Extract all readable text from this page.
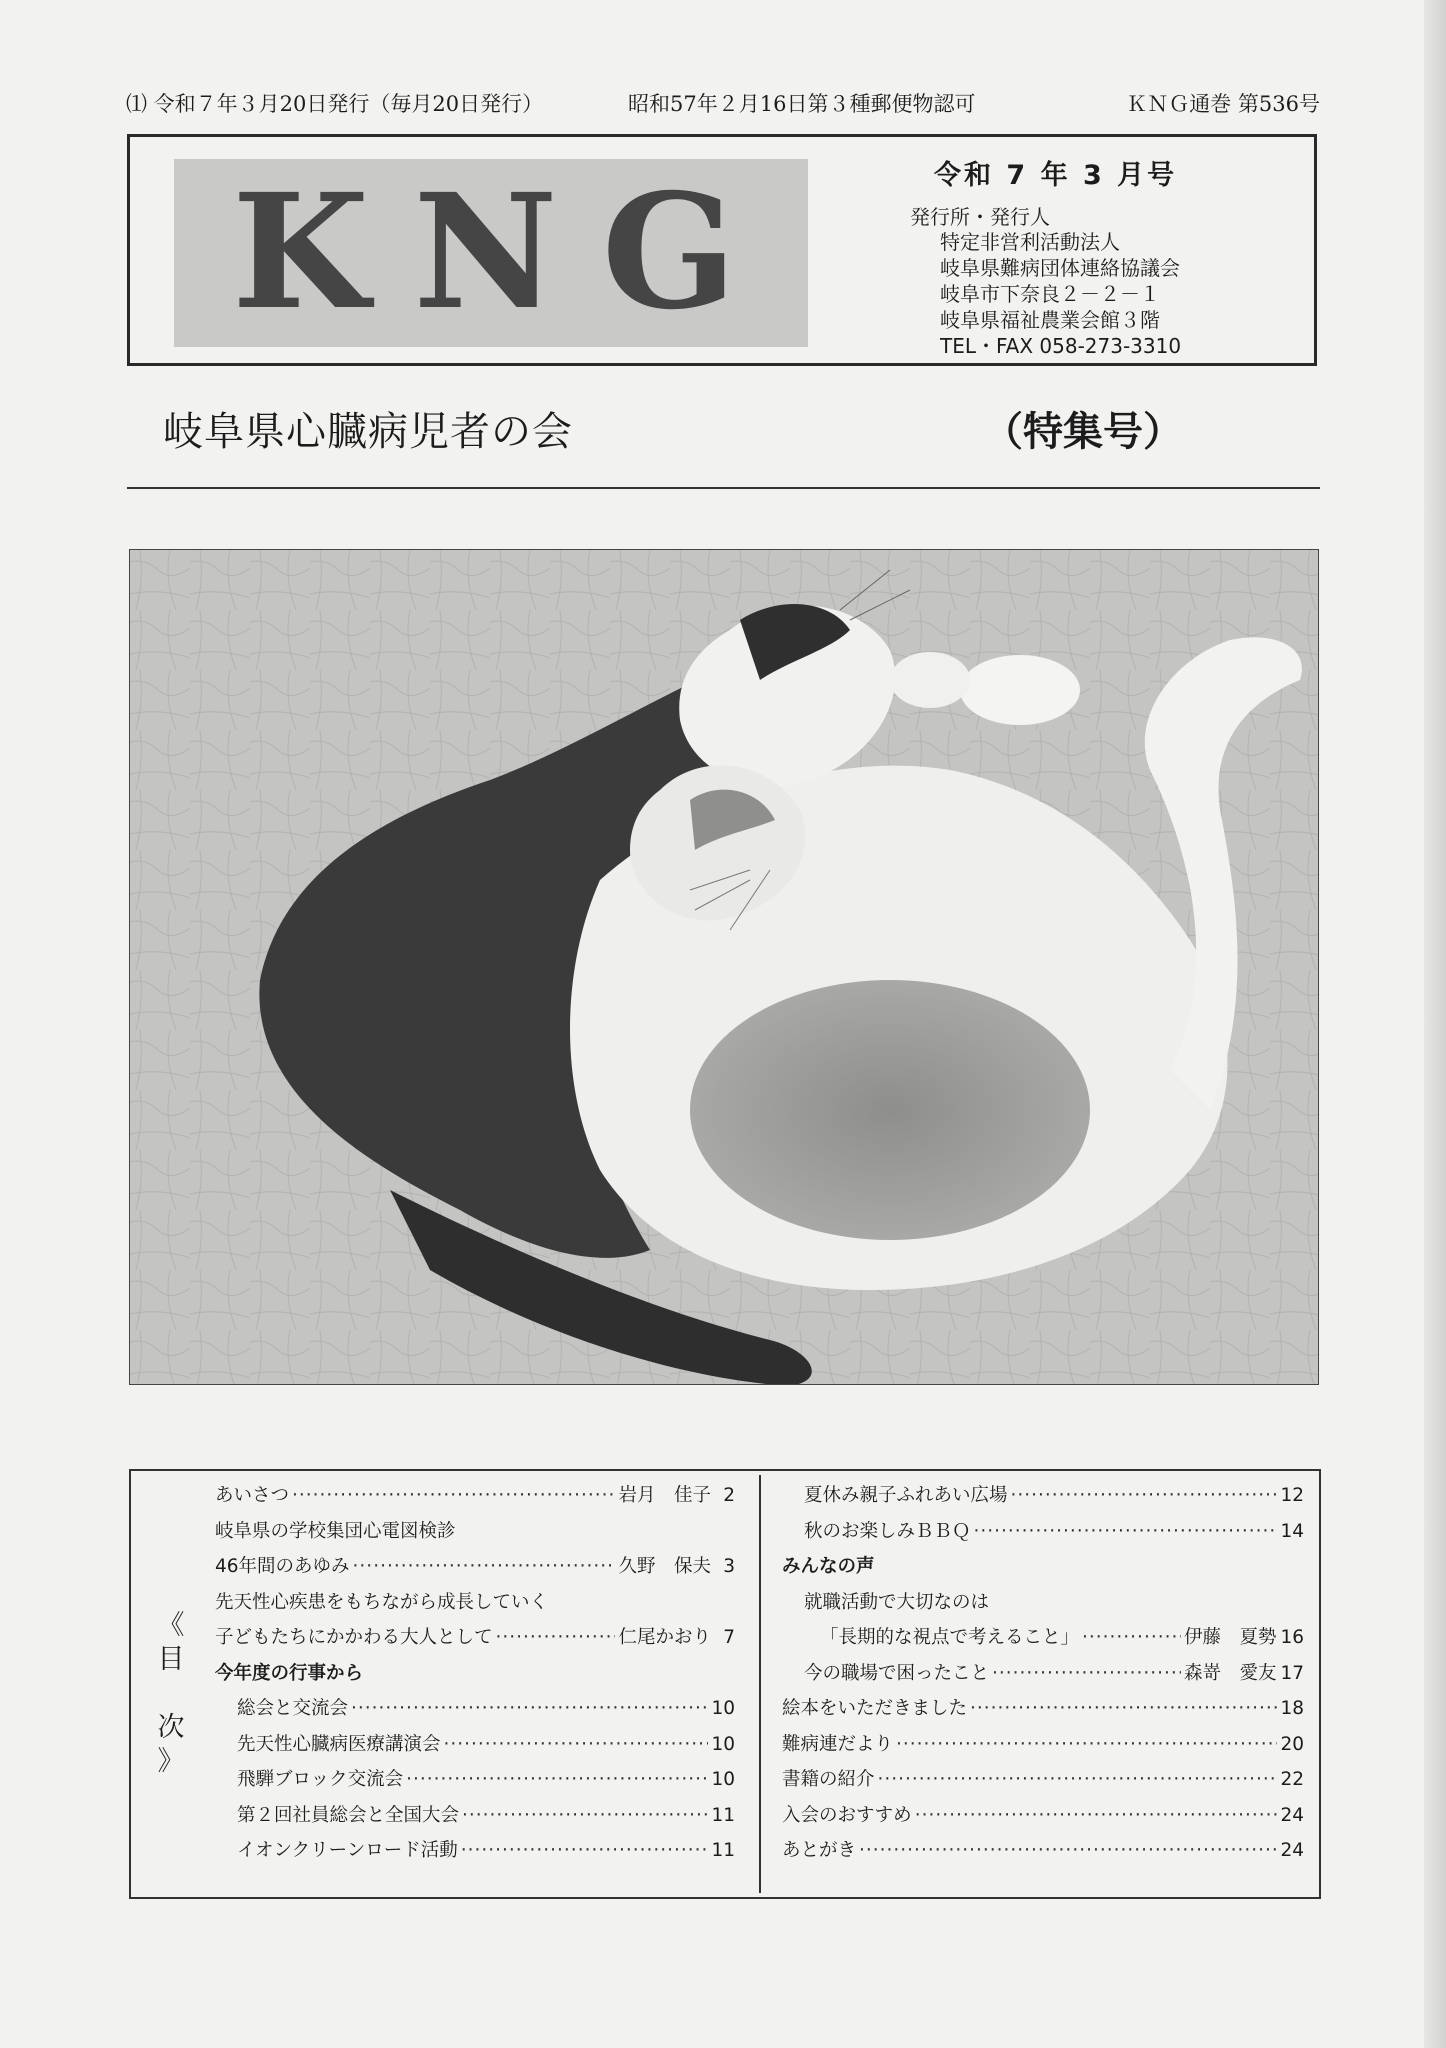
⑴ 令和７年３月20日発行（毎月20日発行）	昭和57年２月16日第３種郵便物認可	ＫＮＧ通巻 第536号
KNG	令和 7 年 3 月号
発行所・発行人
特定非営利活動法人
岐阜県難病団体連絡協議会
岐阜市下奈良２－２－１
岐阜県福祉農業会館３階
TEL・FAX 058-273-3310
岐阜県心臓病児者の会	（特集号）
《
目

次
》
あいさつ ·····	岩月　佳子 2
岐阜県の学校集団心電図検診
46年間のあゆみ ·····	久野　保夫 3
先天性心疾患をもちながら成長していく
子どもたちにかかわる大人として ·····	仁尾かおり 7
今年度の行事から
総会と交流会 ·····	10
先天性心臓病医療講演会 ·····	10
飛騨ブロック交流会 ·····	10
第２回社員総会と全国大会 ·····	11
イオンクリーンロード活動 ·····	11
夏休み親子ふれあい広場 ·····	12
秋のお楽しみＢＢＱ ·····	14
みんなの声
就職活動で大切なのは
「長期的な視点で考えること」 ·····	伊藤　夏勢 16
今の職場で困ったこと ·····	森嵜　愛友 17
絵本をいただきました ·····	18
難病連だより ·····	20
書籍の紹介 ·····	22
入会のおすすめ ·····	24
あとがき ·····	24
